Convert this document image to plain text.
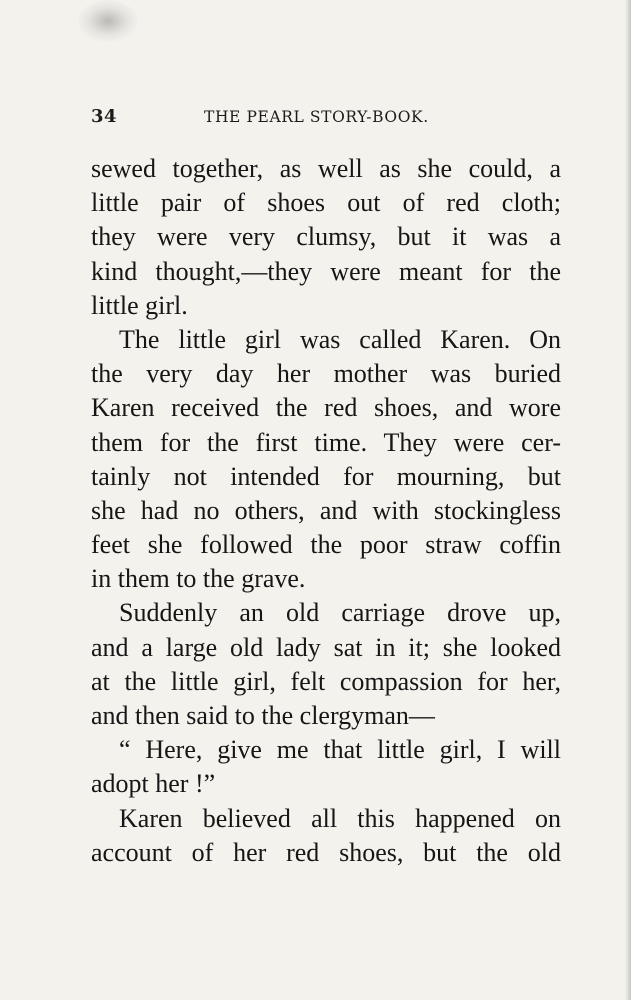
34	THE PEARL STORY-BOOK.
sewed together, as well as she could, a
little pair of shoes out of red cloth;
they were very clumsy, but it was a
kind thought,—they were meant for the
little girl.
The little girl was called Karen. On
the very day her mother was buried
Karen received the red shoes, and wore
them for the first time. They were cer-
tainly not intended for mourning, but
she had no others, and with stockingless
feet she followed the poor straw coffin
in them to the grave.
Suddenly an old carriage drove up,
and a large old lady sat in it; she looked
at the little girl, felt compassion for her,
and then said to the clergyman—
“ Here, give me that little girl, I will
adopt her !”
Karen believed all this happened on
account of her red shoes, but the old
